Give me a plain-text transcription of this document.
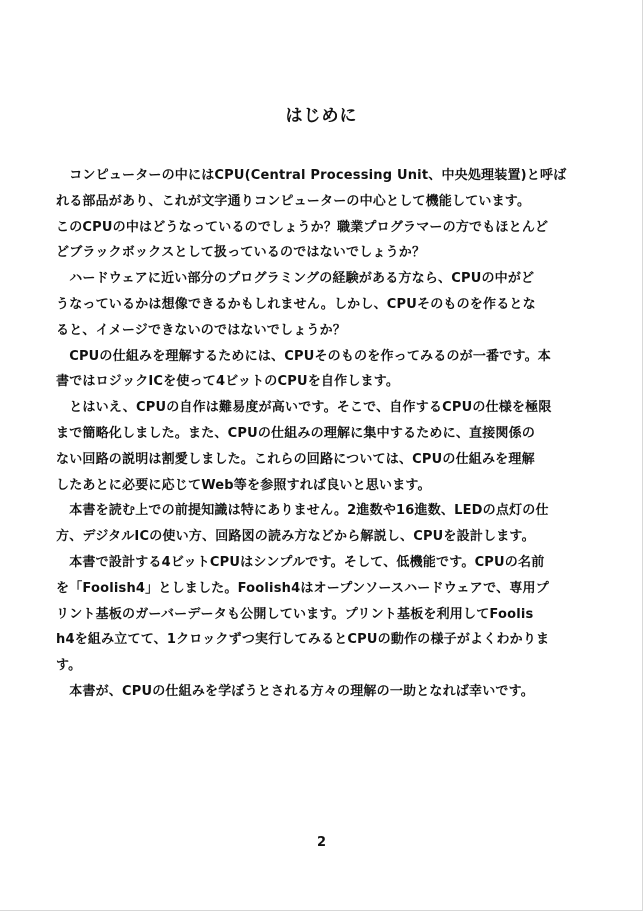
はじめに
　コンピューターの中にはCPU(Central Processing Unit、中央処理装置)と呼ば
れる部品があり、これが文字通りコンピューターの中心として機能しています。
このCPUの中はどうなっているのでしょうか？職業プログラマーの方でもほとんど
どブラックボックスとして扱っているのではないでしょうか？
　ハードウェアに近い部分のプログラミングの経験がある方なら、CPUの中がど
うなっているかは想像できるかもしれません。しかし、CPUそのものを作るとな
ると、イメージできないのではないでしょうか？
　CPUの仕組みを理解するためには、CPUそのものを作ってみるのが一番です。本
書ではロジックICを使って4ビットのCPUを自作します。
　とはいえ、CPUの自作は難易度が高いです。そこで、自作するCPUの仕様を極限
まで簡略化しました。また、CPUの仕組みの理解に集中するために、直接関係の
ない回路の説明は割愛しました。これらの回路については、CPUの仕組みを理解
したあとに必要に応じてWeb等を参照すれば良いと思います。
　本書を読む上での前提知識は特にありません。2進数や16進数、LEDの点灯の仕
方、デジタルICの使い方、回路図の読み方などから解説し、CPUを設計します。
　本書で設計する4ビットCPUはシンプルです。そして、低機能です。CPUの名前
を「Foolish4」としました。Foolish4はオープンソースハードウェアで、専用プ
リント基板のガーバーデータも公開しています。プリント基板を利用してFoolis
h4を組み立てて、1クロックずつ実行してみるとCPUの動作の様子がよくわかりま
す。
　本書が、CPUの仕組みを学ぼうとされる方々の理解の一助となれば幸いです。
2
